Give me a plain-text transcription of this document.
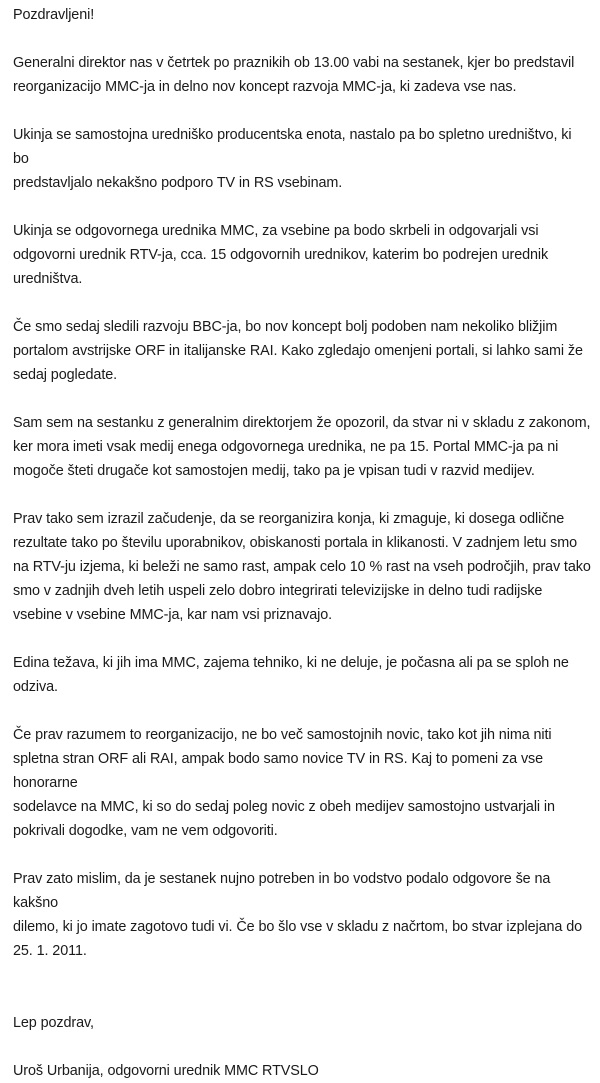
Pozdravljeni!

Generalni direktor nas v četrtek po praznikih ob 13.00 vabi na sestanek, kjer bo predstavil
reorganizacijo MMC-ja in delno nov koncept razvoja MMC-ja, ki zadeva vse nas.

Ukinja se samostojna uredniško producentska enota, nastalo pa bo spletno uredništvo, ki bo
predstavljalo nekakšno podporo TV in RS vsebinam.

Ukinja se odgovornega urednika MMC, za vsebine pa bodo skrbeli in odgovarjali vsi
odgovorni urednik RTV-ja, cca. 15 odgovornih urednikov, katerim bo podrejen urednik
uredništva.

Če smo sedaj sledili razvoju BBC-ja, bo nov koncept bolj podoben nam nekoliko bližjim
portalom avstrijske ORF in italijanske RAI. Kako zgledajo omenjeni portali, si lahko sami že
sedaj pogledate.

Sam sem na sestanku z generalnim direktorjem že opozoril, da stvar ni v skladu z zakonom,
ker mora imeti vsak medij enega odgovornega urednika, ne pa 15. Portal MMC-ja pa ni
mogoče šteti drugače kot samostojen medij, tako pa je vpisan tudi v razvid medijev.

Prav tako sem izrazil začudenje, da se reorganizira konja, ki zmaguje, ki dosega odlične
rezultate tako po številu uporabnikov, obiskanosti portala in klikanosti. V zadnjem letu smo
na RTV-ju izjema, ki beleži ne samo rast, ampak celo 10 % rast na vseh področjih, prav tako
smo v zadnjih dveh letih uspeli zelo dobro integrirati televizijske in delno tudi radijske
vsebine v vsebine MMC-ja, kar nam vsi priznavajo.

Edina težava, ki jih ima MMC, zajema tehniko, ki ne deluje, je počasna ali pa se sploh ne
odziva.

Če prav razumem to reorganizacijo, ne bo več samostojnih novic, tako kot jih nima niti
spletna stran ORF ali RAI, ampak bodo samo novice TV in RS. Kaj to pomeni za vse honorarne
sodelavce na MMC, ki so do sedaj poleg novic z obeh medijev samostojno ustvarjali in
pokrivali dogodke, vam ne vem odgovoriti.

Prav zato mislim, da je sestanek nujno potreben in bo vodstvo podalo odgovore še na kakšno
dilemo, ki jo imate zagotovo tudi vi. Če bo šlo vse v skladu z načrtom, bo stvar izplejana do
25. 1. 2011.

Lep pozdrav,

Uroš Urbanija, odgovorni urednik MMC RTVSLO
